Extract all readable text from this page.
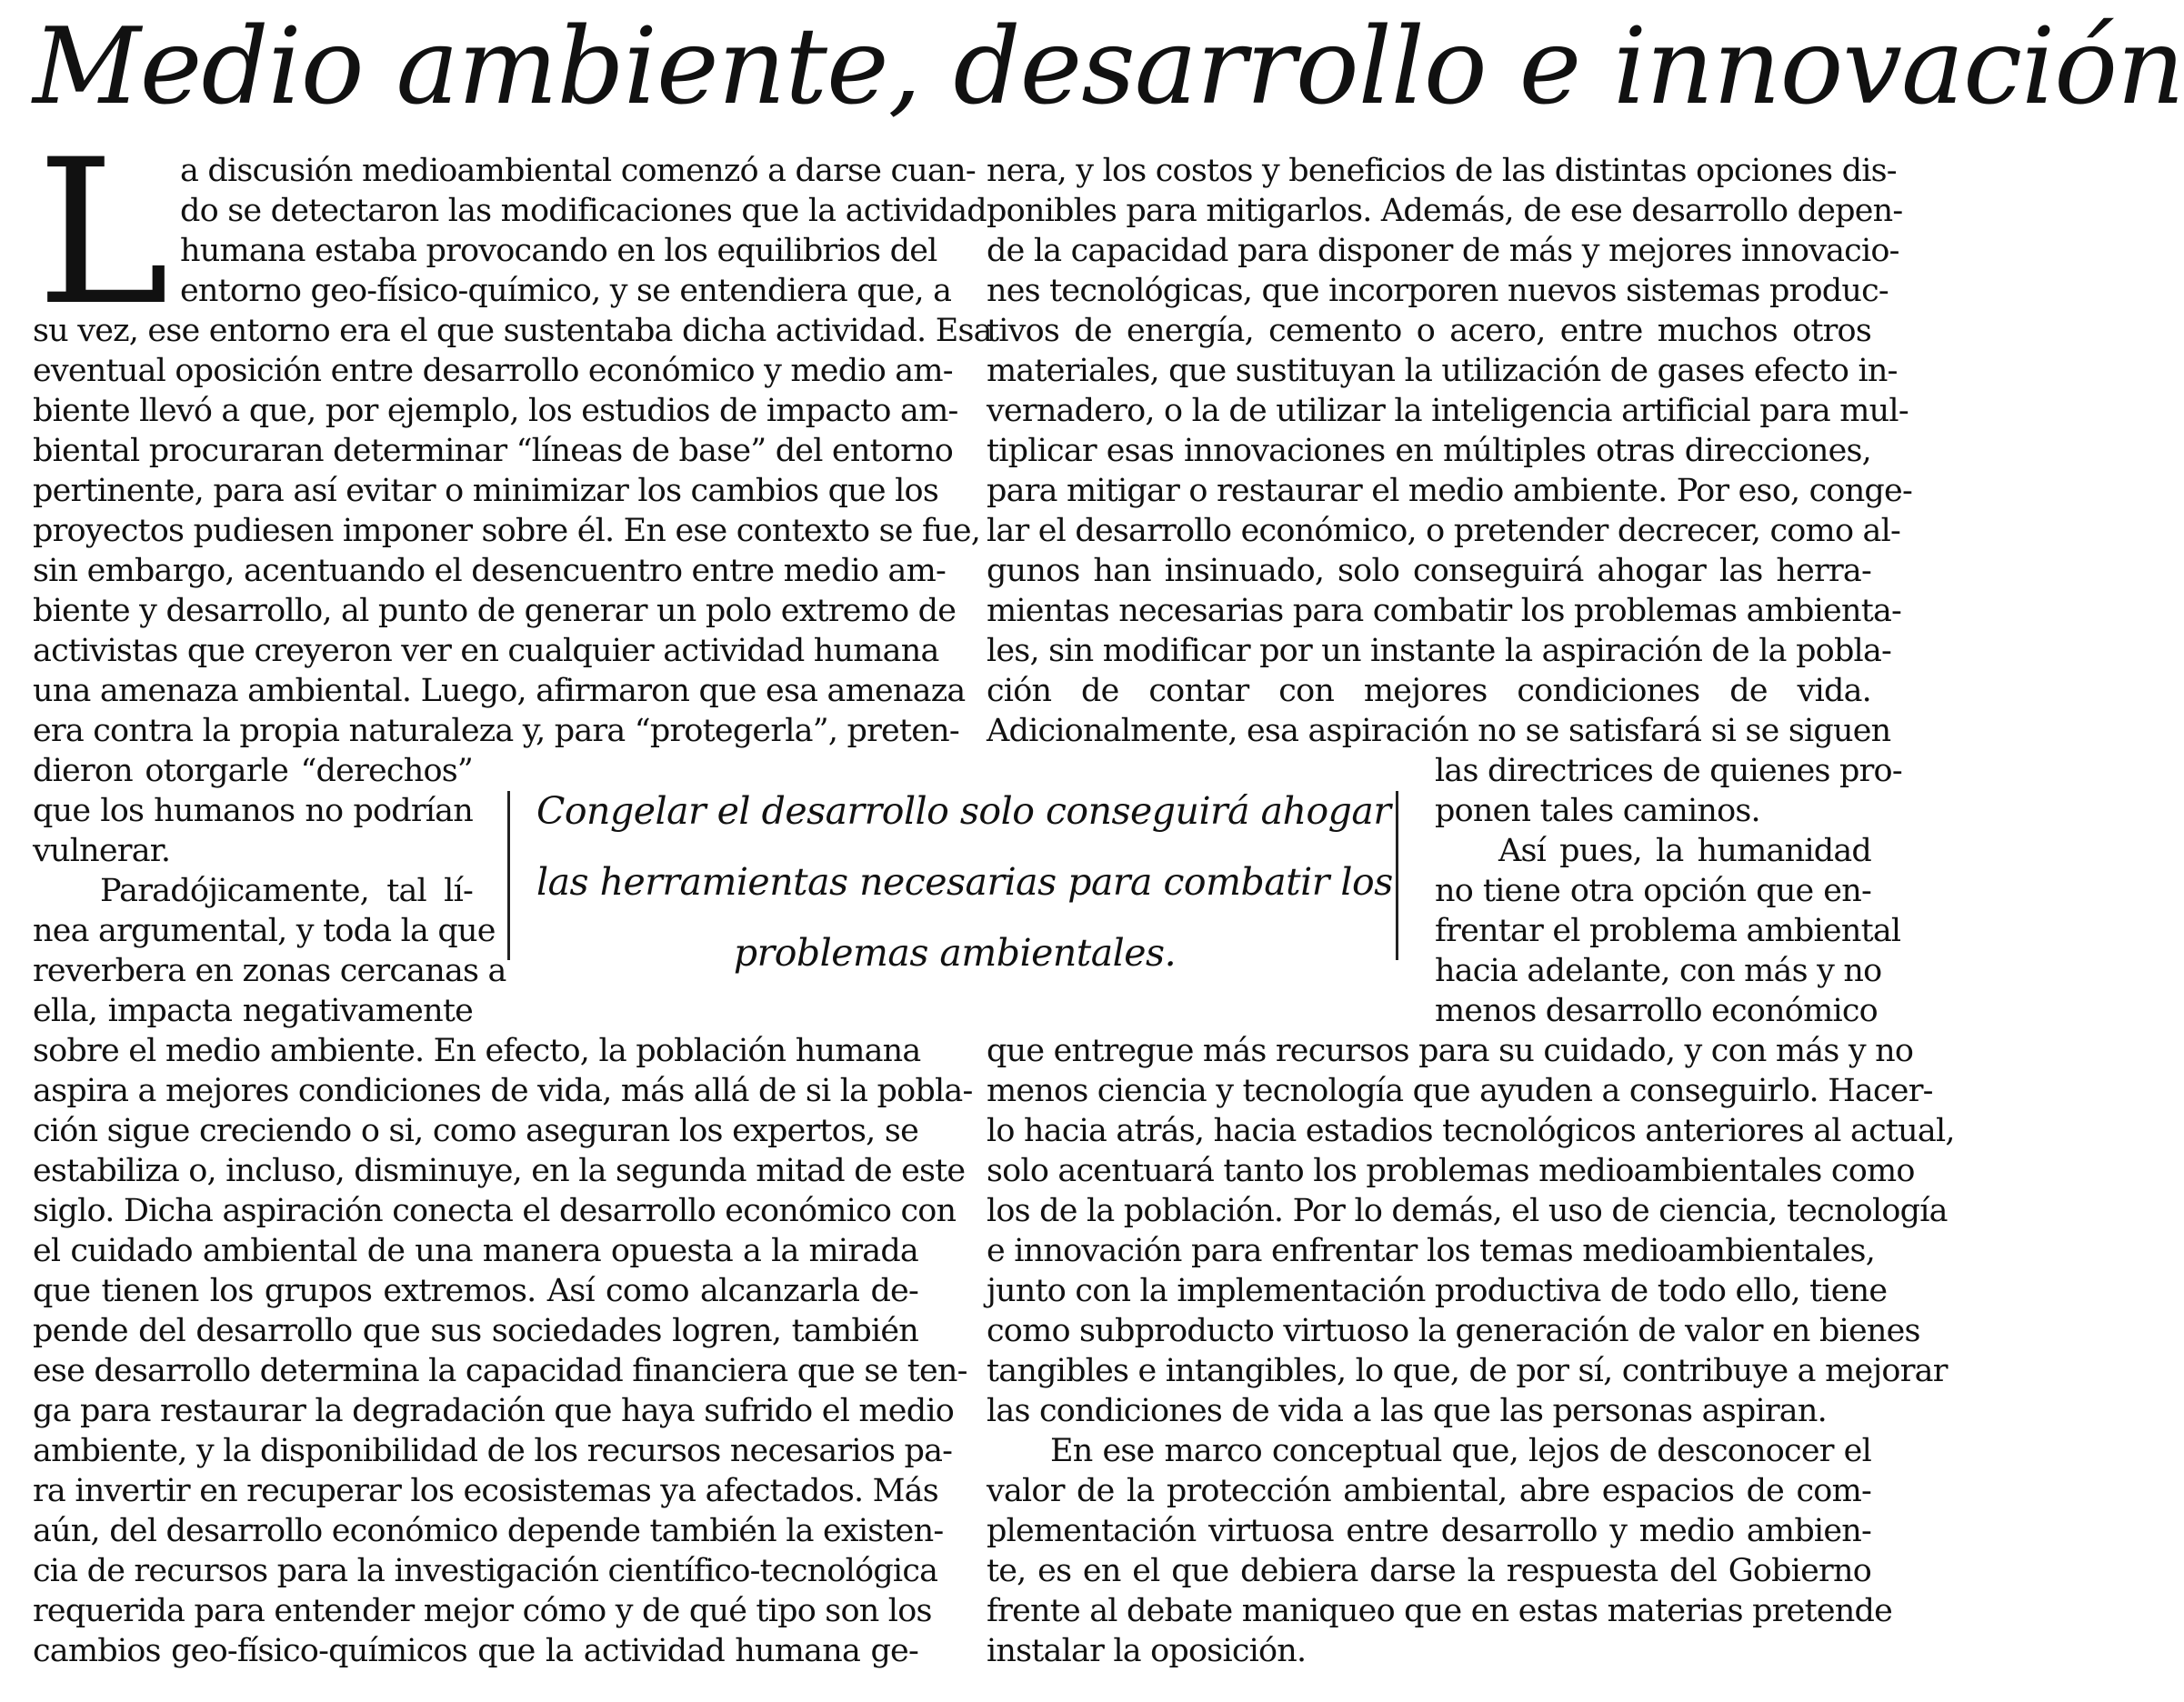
Medio ambiente, desarrollo e innovación
L a discusión medioambiental comenzó a darse cuan-
do se detectaron las modificaciones que la actividad
humana estaba provocando en los equilibrios del
entorno geo-físico-químico, y se entendiera que, a
su vez, ese entorno era el que sustentaba dicha actividad. Esa
eventual oposición entre desarrollo económico y medio am-
biente llevó a que, por ejemplo, los estudios de impacto am-
biental procuraran determinar “líneas de base” del entorno
pertinente, para así evitar o minimizar los cambios que los
proyectos pudiesen imponer sobre él. En ese contexto se fue,
sin embargo, acentuando el desencuentro entre medio am-
biente y desarrollo, al punto de generar un polo extremo de
activistas que creyeron ver en cualquier actividad humana
una amenaza ambiental. Luego, afirmaron que esa amenaza
era contra la propia naturaleza y, para “protegerla”, preten-
dieron otorgarle “derechos”
que los humanos no podrían
vulnerar.
Paradójicamente, tal lí-
nea argumental, y toda la que
reverbera en zonas cercanas a
ella, impacta negativamente
sobre el medio ambiente. En efecto, la población humana
aspira a mejores condiciones de vida, más allá de si la pobla-
ción sigue creciendo o si, como aseguran los expertos, se
estabiliza o, incluso, disminuye, en la segunda mitad de este
siglo. Dicha aspiración conecta el desarrollo económico con
el cuidado ambiental de una manera opuesta a la mirada
que tienen los grupos extremos. Así como alcanzarla de-
pende del desarrollo que sus sociedades logren, también
ese desarrollo determina la capacidad financiera que se ten-
ga para restaurar la degradación que haya sufrido el medio
ambiente, y la disponibilidad de los recursos necesarios pa-
ra invertir en recuperar los ecosistemas ya afectados. Más
aún, del desarrollo económico depende también la existen-
cia de recursos para la investigación científico-tecnológica
requerida para entender mejor cómo y de qué tipo son los
cambios geo-físico-químicos que la actividad humana ge-
nera, y los costos y beneficios de las distintas opciones dis-
ponibles para mitigarlos. Además, de ese desarrollo depen-
de la capacidad para disponer de más y mejores innovacio-
nes tecnológicas, que incorporen nuevos sistemas produc-
tivos de energía, cemento o acero, entre muchos otros
materiales, que sustituyan la utilización de gases efecto in-
vernadero, o la de utilizar la inteligencia artificial para mul-
tiplicar esas innovaciones en múltiples otras direcciones,
para mitigar o restaurar el medio ambiente. Por eso, conge-
lar el desarrollo económico, o pretender decrecer, como al-
gunos han insinuado, solo conseguirá ahogar las herra-
mientas necesarias para combatir los problemas ambienta-
les, sin modificar por un instante la aspiración de la pobla-
ción de contar con mejores condiciones de vida.
Adicionalmente, esa aspiración no se satisfará si se siguen
las directrices de quienes pro-
ponen tales caminos.
Así pues, la humanidad
no tiene otra opción que en-
frentar el problema ambiental
hacia adelante, con más y no
menos desarrollo económico
que entregue más recursos para su cuidado, y con más y no
menos ciencia y tecnología que ayuden a conseguirlo. Hacer-
lo hacia atrás, hacia estadios tecnológicos anteriores al actual,
solo acentuará tanto los problemas medioambientales como
los de la población. Por lo demás, el uso de ciencia, tecnología
e innovación para enfrentar los temas medioambientales,
junto con la implementación productiva de todo ello, tiene
como subproducto virtuoso la generación de valor en bienes
tangibles e intangibles, lo que, de por sí, contribuye a mejorar
las condiciones de vida a las que las personas aspiran.
En ese marco conceptual que, lejos de desconocer el
valor de la protección ambiental, abre espacios de com-
plementación virtuosa entre desarrollo y medio ambien-
te, es en el que debiera darse la respuesta del Gobierno
frente al debate maniqueo que en estas materias pretende
instalar la oposición.
Congelar el desarrollo solo conseguirá ahogar
las herramientas necesarias para combatir los
problemas ambientales.
